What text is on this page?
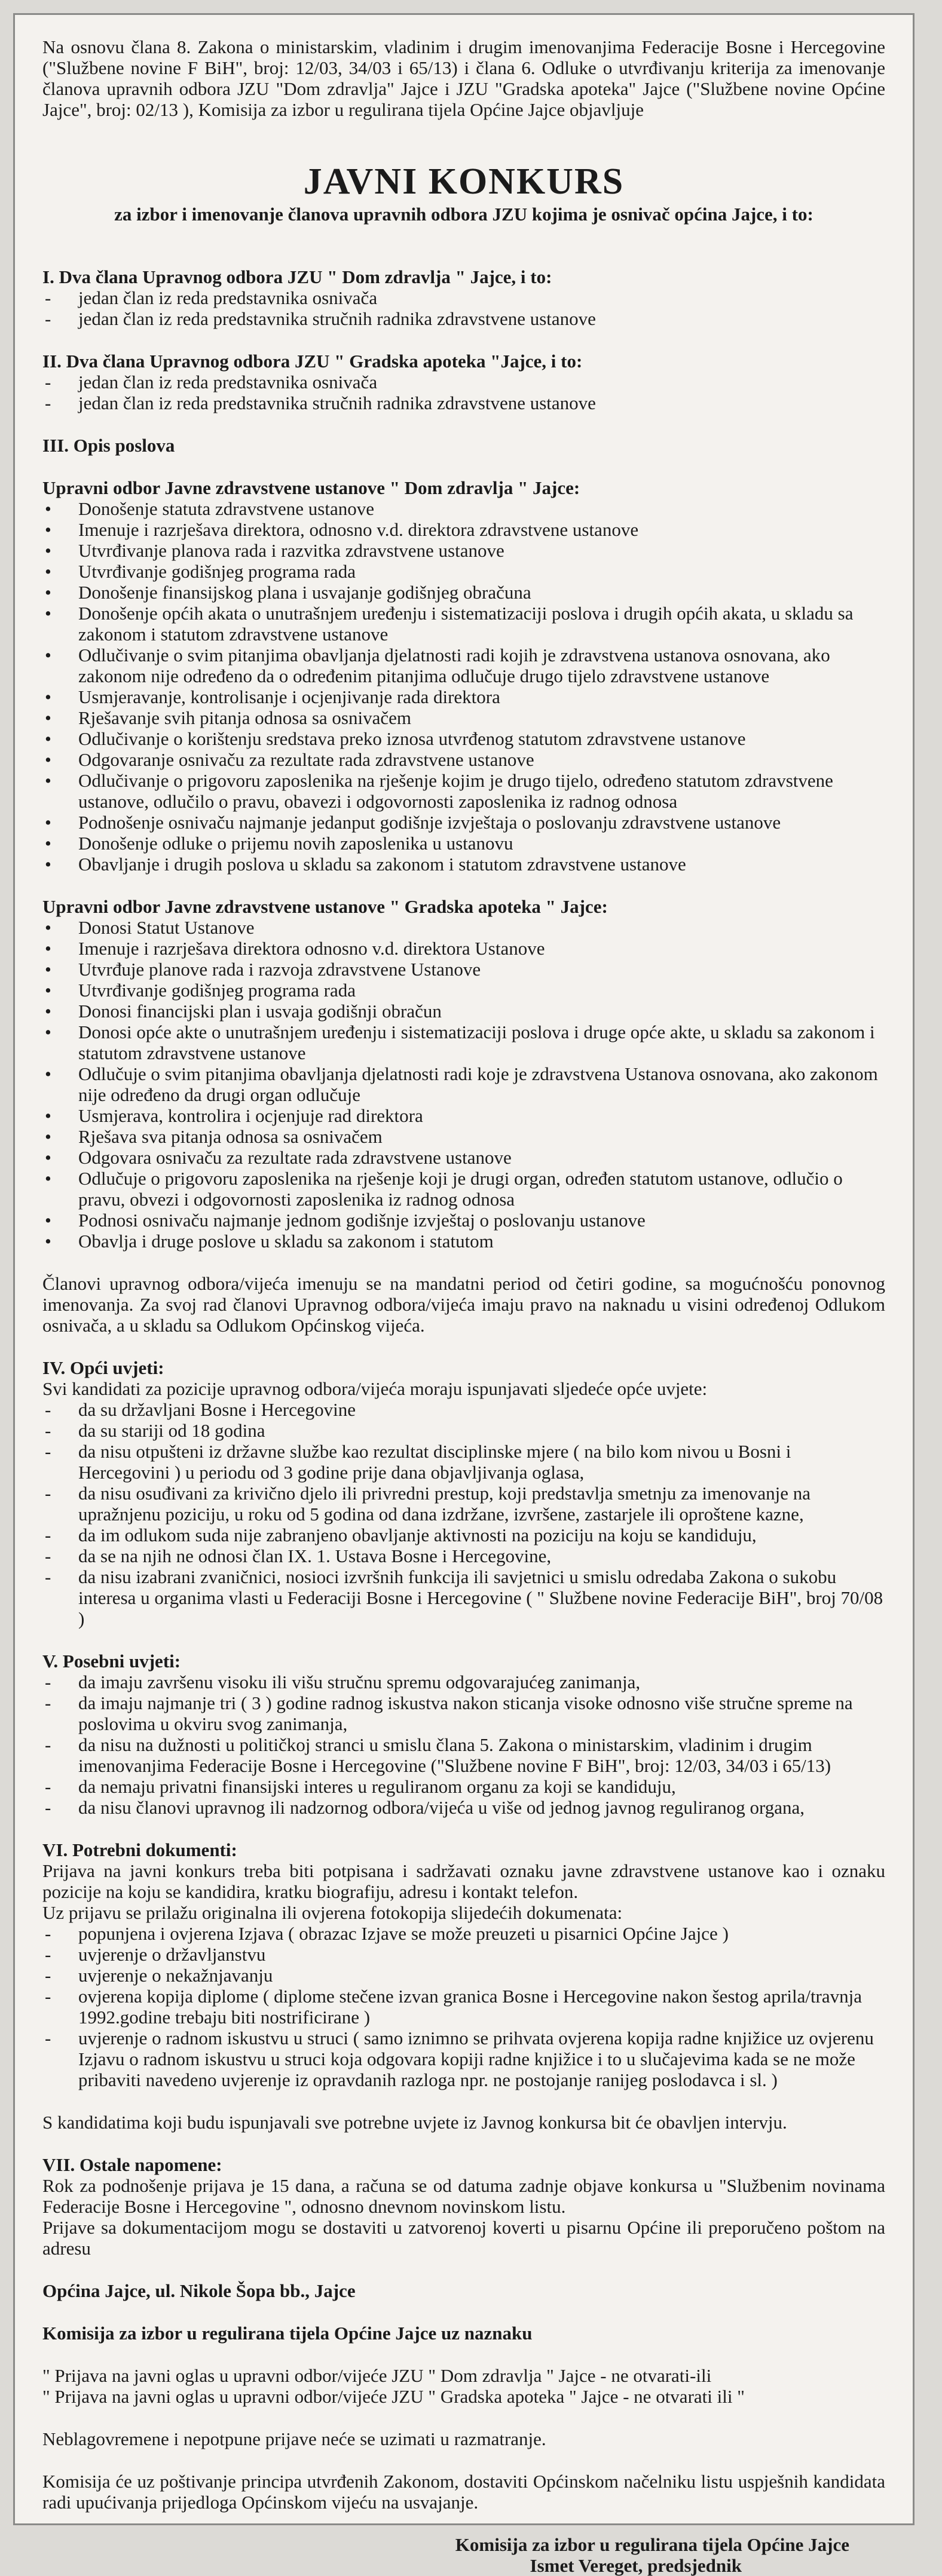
Na osnovu člana 8. Zakona o ministarskim, vladinim i drugim imenovanjima Federacije Bosne i Hercegovine ("Službene novine F BiH", broj: 12/03, 34/03 i 65/13) i člana 6. Odluke o utvrđivanju kriterija za imenovanje članova upravnih odbora JZU "Dom zdravlja" Jajce i JZU "Gradska apoteka" Jajce ("Službene novine Općine Jajce", broj: 02/13 ), Komisija za izbor u regulirana tijela Općine Jajce objavljuje

JAVNI KONKURS

za izbor i imenovanje članova upravnih odbora JZU kojima je osnivač općina Jajce, i to:

I. Dva člana Upravnog odbora JZU " Dom zdravlja " Jajce, i to:

- jedan član iz reda predstavnika osnivača
- jedan član iz reda predstavnika stručnih radnika zdravstvene ustanove

II. Dva člana Upravnog odbora JZU " Gradska apoteka "Jajce, i to:

- jedan član iz reda predstavnika osnivača
- jedan član iz reda predstavnika stručnih radnika zdravstvene ustanove

III. Opis poslova

Upravni odbor Javne zdravstvene ustanove " Dom zdravlja " Jajce:

• Donošenje statuta zdravstvene ustanove
• Imenuje i razrješava direktora, odnosno v.d. direktora zdravstvene ustanove
• Utvrđivanje planova rada i razvitka zdravstvene ustanove
• Utvrđivanje godišnjeg programa rada
• Donošenje finansijskog plana i usvajanje godišnjeg obračuna
• Donošenje općih akata o unutrašnjem uređenju i sistematizaciji poslova i drugih općih akata, u skladu sa zakonom i statutom zdravstvene ustanove
• Odlučivanje o svim pitanjima obavljanja djelatnosti radi kojih je zdravstvena ustanova osnovana, ako zakonom nije određeno da o određenim pitanjima odlučuje drugo tijelo zdravstvene ustanove
• Usmjeravanje, kontrolisanje i ocjenjivanje rada direktora
• Rješavanje svih pitanja odnosa sa osnivačem
• Odlučivanje o korištenju sredstava preko iznosa utvrđenog statutom zdravstvene ustanove
• Odgovaranje osnivaču za rezultate rada zdravstvene ustanove
• Odlučivanje o prigovoru zaposlenika na rješenje kojim je drugo tijelo, određeno statutom zdravstvene ustanove, odlučilo o pravu, obavezi i odgovornosti zaposlenika iz radnog odnosa
• Podnošenje osnivaču najmanje jedanput godišnje izvještaja o poslovanju zdravstvene ustanove
• Donošenje odluke o prijemu novih zaposlenika u ustanovu
• Obavljanje i drugih poslova u skladu sa zakonom i statutom zdravstvene ustanove

Upravni odbor Javne zdravstvene ustanove " Gradska apoteka " Jajce:

• Donosi Statut Ustanove
• Imenuje i razrješava direktora odnosno v.d. direktora Ustanove
• Utvrđuje planove rada i razvoja zdravstvene Ustanove
• Utvrđivanje godišnjeg programa rada
• Donosi financijski plan i usvaja godišnji obračun
• Donosi opće akte o unutrašnjem uređenju i sistematizaciji poslova i druge opće akte, u skladu sa zakonom i statutom zdravstvene ustanove
• Odlučuje o svim pitanjima obavljanja djelatnosti radi koje je zdravstvena Ustanova osnovana, ako zakonom nije određeno da drugi organ odlučuje
• Usmjerava, kontrolira i ocjenjuje rad direktora
• Rješava sva pitanja odnosa sa osnivačem
• Odgovara osnivaču za rezultate rada zdravstvene ustanove
• Odlučuje o prigovoru zaposlenika na rješenje koji je drugi organ, određen statutom ustanove, odlučio o pravu, obvezi i odgovornosti zaposlenika iz radnog odnosa
• Podnosi osnivaču najmanje jednom godišnje izvještaj o poslovanju ustanove
• Obavlja i druge poslove u skladu sa zakonom i statutom

Članovi upravnog odbora/vijeća imenuju se na mandatni period od četiri godine, sa mogućnošću ponovnog imenovanja. Za svoj rad članovi Upravnog odbora/vijeća imaju pravo na naknadu u visini određenoj Odlukom osnivača, a u skladu sa Odlukom Općinskog vijeća.

IV. Opći uvjeti:

Svi kandidati za pozicije upravnog odbora/vijeća moraju ispunjavati sljedeće opće uvjete:

- da su državljani Bosne i Hercegovine
- da su stariji od 18 godina
- da nisu otpušteni iz državne službe kao rezultat disciplinske mjere ( na bilo kom nivou u Bosni i Hercegovini ) u periodu od 3 godine prije dana objavljivanja oglasa,
- da nisu osuđivani za krivično djelo ili privredni prestup, koji predstavlja smetnju za imenovanje na upražnjenu poziciju, u roku od 5 godina od dana izdržane, izvršene, zastarjele ili oproštene kazne,
- da im odlukom suda nije zabranjeno obavljanje aktivnosti na poziciju na koju se kandiduju,
- da se na njih ne odnosi član IX. 1. Ustava Bosne i Hercegovine,
- da nisu izabrani zvaničnici, nosioci izvršnih funkcija ili savjetnici u smislu odredaba Zakona o sukobu interesa u organima vlasti u Federaciji Bosne i Hercegovine ( " Službene novine Federacije BiH", broj 70/08 )

V. Posebni uvjeti:

- da imaju završenu visoku ili višu stručnu spremu odgovarajućeg zanimanja,
- da imaju najmanje tri ( 3 ) godine radnog iskustva nakon sticanja visoke odnosno više stručne spreme na poslovima u okviru svog zanimanja,
- da nisu na dužnosti u političkoj stranci u smislu člana 5. Zakona o ministarskim, vladinim i drugim imenovanjima Federacije Bosne i Hercegovine ("Službene novine F BiH", broj: 12/03, 34/03 i 65/13)
- da nemaju privatni finansijski interes u reguliranom organu za koji se kandiduju,
- da nisu članovi upravnog ili nadzornog odbora/vijeća u više od jednog javnog reguliranog organa,

VI. Potrebni dokumenti:

Prijava na javni konkurs treba biti potpisana i sadržavati oznaku javne zdravstvene ustanove kao i oznaku pozicije na koju se kandidira, kratku biografiju, adresu i kontakt telefon.

Uz prijavu se prilažu originalna ili ovjerena fotokopija slijedećih dokumenata:

- popunjena i ovjerena Izjava ( obrazac Izjave se može preuzeti u pisarnici Općine Jajce )
- uvjerenje o državljanstvu
- uvjerenje o nekažnjavanju
- ovjerena kopija diplome ( diplome stečene izvan granica Bosne i Hercegovine nakon šestog aprila/travnja 1992.godine trebaju biti nostrificirane )
- uvjerenje o radnom iskustvu u struci ( samo iznimno se prihvata ovjerena kopija radne knjižice uz ovjerenu Izjavu o radnom iskustvu u struci koja odgovara kopiji radne knjižice i to u slučajevima kada se ne može pribaviti navedeno uvjerenje iz opravdanih razloga npr. ne postojanje ranijeg poslodavca i sl. )

S kandidatima koji budu ispunjavali sve potrebne uvjete iz Javnog konkursa bit će obavljen intervju.

VII. Ostale napomene:

Rok za podnošenje prijava je 15 dana, a računa se od datuma zadnje objave konkursa u "Službenim novinama Federacije Bosne i Hercegovine ", odnosno dnevnom novinskom listu.

Prijave sa dokumentacijom mogu se dostaviti u zatvorenoj koverti u pisarnu Općine ili preporučeno poštom na adresu

Općina Jajce, ul. Nikole Šopa bb., Jajce

Komisija za izbor u regulirana tijela Općine Jajce uz naznaku

" Prijava na javni oglas u upravni odbor/vijeće JZU " Dom zdravlja " Jajce - ne otvarati-ili

" Prijava na javni oglas u upravni odbor/vijeće JZU " Gradska apoteka " Jajce - ne otvarati ili "

Neblagovremene i nepotpune prijave neće se uzimati u razmatranje.

Komisija će uz poštivanje principa utvrđenih Zakonom, dostaviti Općinskom načelniku listu uspješnih kandidata radi upućivanja prijedloga Općinskom vijeću na usvajanje.

Komisija za izbor u regulirana tijela Općine Jajce

Ismet Vereget, predsjednik
